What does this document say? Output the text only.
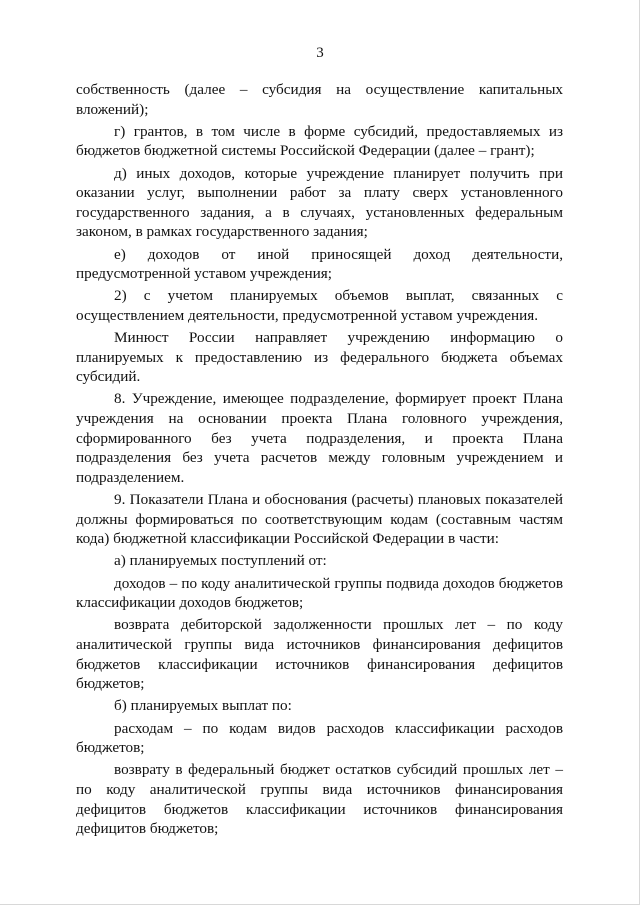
3

собственность (далее – субсидия на осуществление капитальных вложений);

г) грантов, в том числе в форме субсидий, предоставляемых из бюджетов бюджетной системы Российской Федерации (далее – грант);

д) иных доходов, которые учреждение планирует получить при оказании услуг, выполнении работ за плату сверх установленного государственного задания, а в случаях, установленных федеральным законом, в рамках государственного задания;

е) доходов от иной приносящей доход деятельности, предусмотренной уставом учреждения;

2) с учетом планируемых объемов выплат, связанных с осуществлением деятельности, предусмотренной уставом учреждения.

Минюст России направляет учреждению информацию о планируемых к предоставлению из федерального бюджета объемах субсидий.

8. Учреждение, имеющее подразделение, формирует проект Плана учреждения на основании проекта Плана головного учреждения, сформированного без учета подразделения, и проекта Плана подразделения без учета расчетов между головным учреждением и подразделением.

9. Показатели Плана и обоснования (расчеты) плановых показателей должны формироваться по соответствующим кодам (составным частям кода) бюджетной классификации Российской Федерации в части:

а) планируемых поступлений от:

доходов – по коду аналитической группы подвида доходов бюджетов классификации доходов бюджетов;

возврата дебиторской задолженности прошлых лет – по коду аналитической группы вида источников финансирования дефицитов бюджетов классификации источников финансирования дефицитов бюджетов;

б) планируемых выплат по:

расходам – по кодам видов расходов классификации расходов бюджетов;

возврату в федеральный бюджет остатков субсидий прошлых лет – по коду аналитической группы вида источников финансирования дефицитов бюджетов классификации источников финансирования дефицитов бюджетов;
